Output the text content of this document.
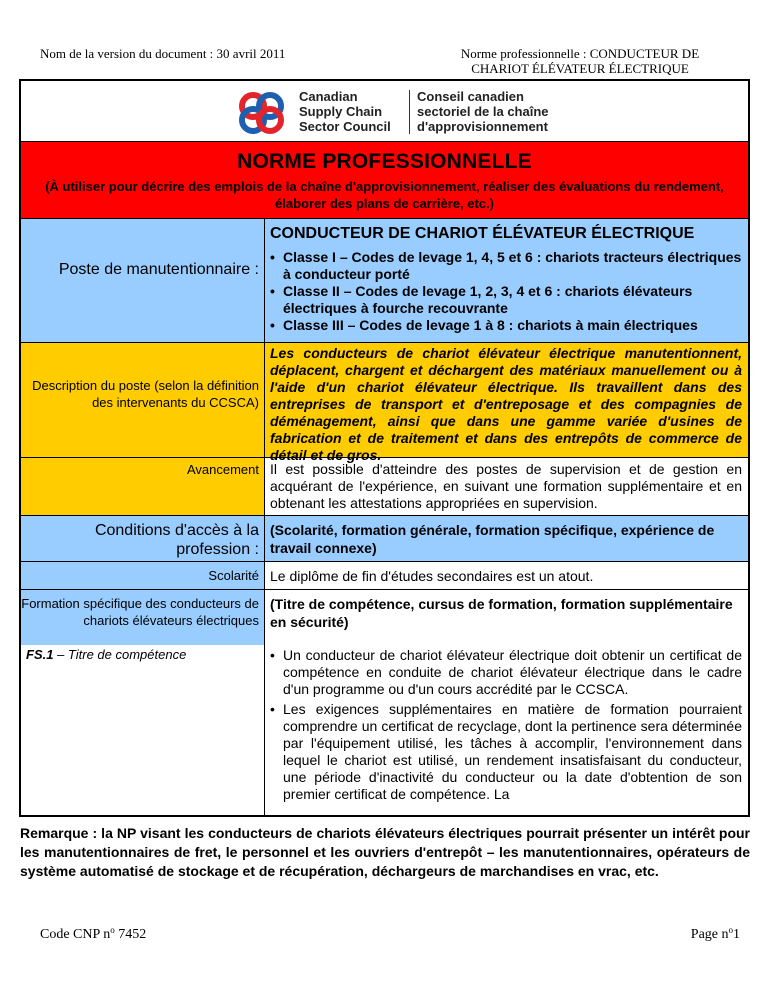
Nom de la version du document : 30 avril 2011	Norme professionnelle : CONDUCTEUR DE
CHARIOT ÉLÉVATEUR ÉLECTRIQUE
Canadian
Supply Chain
Sector Council
Conseil canadien
sectoriel de la chaîne
d'approvisionnement
NORME PROFESSIONNELLE
(À utiliser pour décrire des emplois de la chaîne d'approvisionnement, réaliser des évaluations du rendement, élaborer des plans de carrière, etc.)
Poste de manutentionnaire :
CONDUCTEUR DE CHARIOT ÉLÉVATEUR ÉLECTRIQUE
• Classe I – Codes de levage 1, 4, 5 et 6 : chariots tracteurs électriques à conducteur porté
• Classe II – Codes de levage 1, 2, 3, 4 et 6 : chariots élévateurs électriques à fourche recouvrante
• Classe III – Codes de levage 1 à 8 : chariots à main électriques
Description du poste (selon la définition des intervenants du CCSCA)
Les conducteurs de chariot élévateur électrique manutentionnent, déplacent, chargent et déchargent des matériaux manuellement ou à l'aide d'un chariot élévateur électrique. Ils travaillent dans des entreprises de transport et d'entreposage et des compagnies de déménagement, ainsi que dans une gamme variée d'usines de fabrication et de traitement et dans des entrepôts de commerce de détail et de gros.
Avancement Il est possible d'atteindre des postes de supervision et de gestion en acquérant de l'expérience, en suivant une formation supplémentaire et en obtenant les attestations appropriées en supervision.
Conditions d'accès à la profession :
(Scolarité, formation générale, formation spécifique, expérience de travail connexe)
Scolarité Le diplôme de fin d'études secondaires est un atout.
Formation spécifique des conducteurs de chariots élévateurs électriques
FS.1 – Titre de compétence
(Titre de compétence, cursus de formation, formation supplémentaire en sécurité)
• Un conducteur de chariot élévateur électrique doit obtenir un certificat de compétence en conduite de chariot élévateur électrique dans le cadre d'un programme ou d'un cours accrédité par le CCSCA.
• Les exigences supplémentaires en matière de formation pourraient comprendre un certificat de recyclage, dont la pertinence sera déterminée par l'équipement utilisé, les tâches à accomplir, l'environnement dans lequel le chariot est utilisé, un rendement insatisfaisant du conducteur, une période d'inactivité du conducteur ou la date d'obtention de son premier certificat de compétence. La
Remarque : la NP visant les conducteurs de chariots élévateurs électriques pourrait présenter un intérêt pour les manutentionnaires de fret, le personnel et les ouvriers d'entrepôt – les manutentionnaires, opérateurs de système automatisé de stockage et de récupération, déchargeurs de marchandises en vrac, etc.
Code CNP $n^o$ 7452	Page $n^o1$
